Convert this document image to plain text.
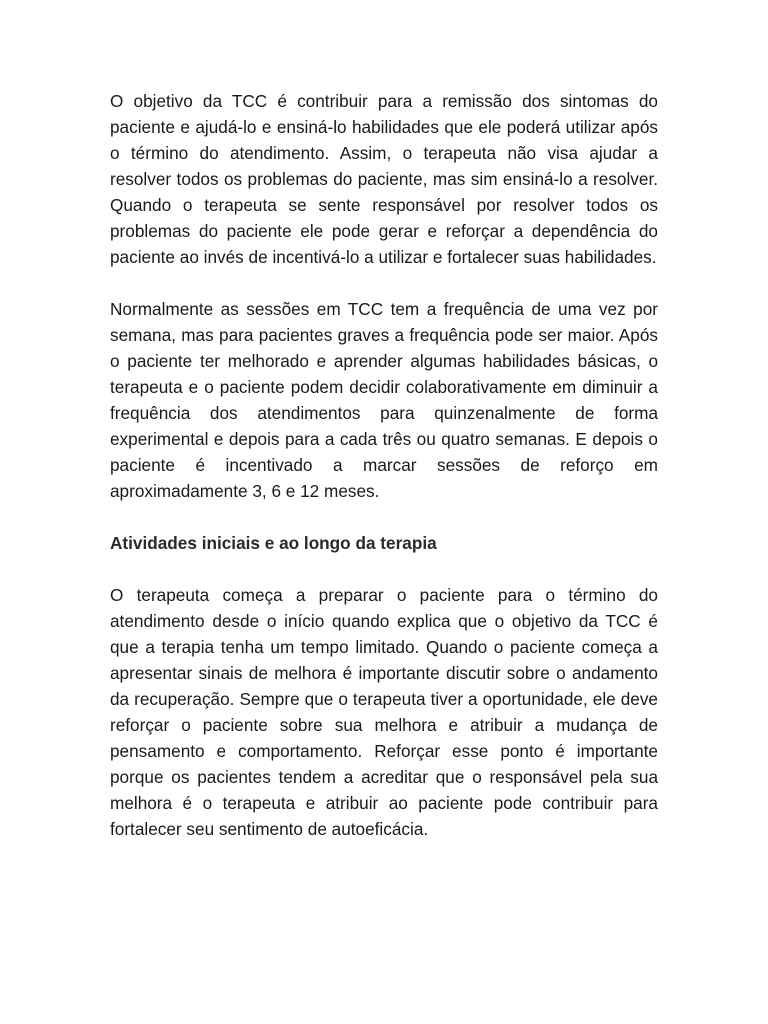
O objetivo da TCC é contribuir para a remissão dos sintomas do paciente e ajudá-lo e ensiná-lo habilidades que ele poderá utilizar após o término do atendimento. Assim, o terapeuta não visa ajudar a resolver todos os problemas do paciente, mas sim ensiná-lo a resolver. Quando o terapeuta se sente responsável por resolver todos os problemas do paciente ele pode gerar e reforçar a dependência do paciente ao invés de incentivá-lo a utilizar e fortalecer suas habilidades.

Normalmente as sessões em TCC tem a frequência de uma vez por semana, mas para pacientes graves a frequência pode ser maior. Após o paciente ter melhorado e aprender algumas habilidades básicas, o terapeuta e o paciente podem decidir colaborativamente em diminuir a frequência dos atendimentos para quinzenalmente de forma experimental e depois para a cada três ou quatro semanas. E depois o paciente é incentivado a marcar sessões de reforço em aproximadamente 3, 6 e 12 meses.

Atividades iniciais e ao longo da terapia

O terapeuta começa a preparar o paciente para o término do atendimento desde o início quando explica que o objetivo da TCC é que a terapia tenha um tempo limitado. Quando o paciente começa a apresentar sinais de melhora é importante discutir sobre o andamento da recuperação. Sempre que o terapeuta tiver a oportunidade, ele deve reforçar o paciente sobre sua melhora e atribuir a mudança de pensamento e comportamento. Reforçar esse ponto é importante porque os pacientes tendem a acreditar que o responsável pela sua melhora é o terapeuta e atribuir ao paciente pode contribuir para fortalecer seu sentimento de autoeficácia.
